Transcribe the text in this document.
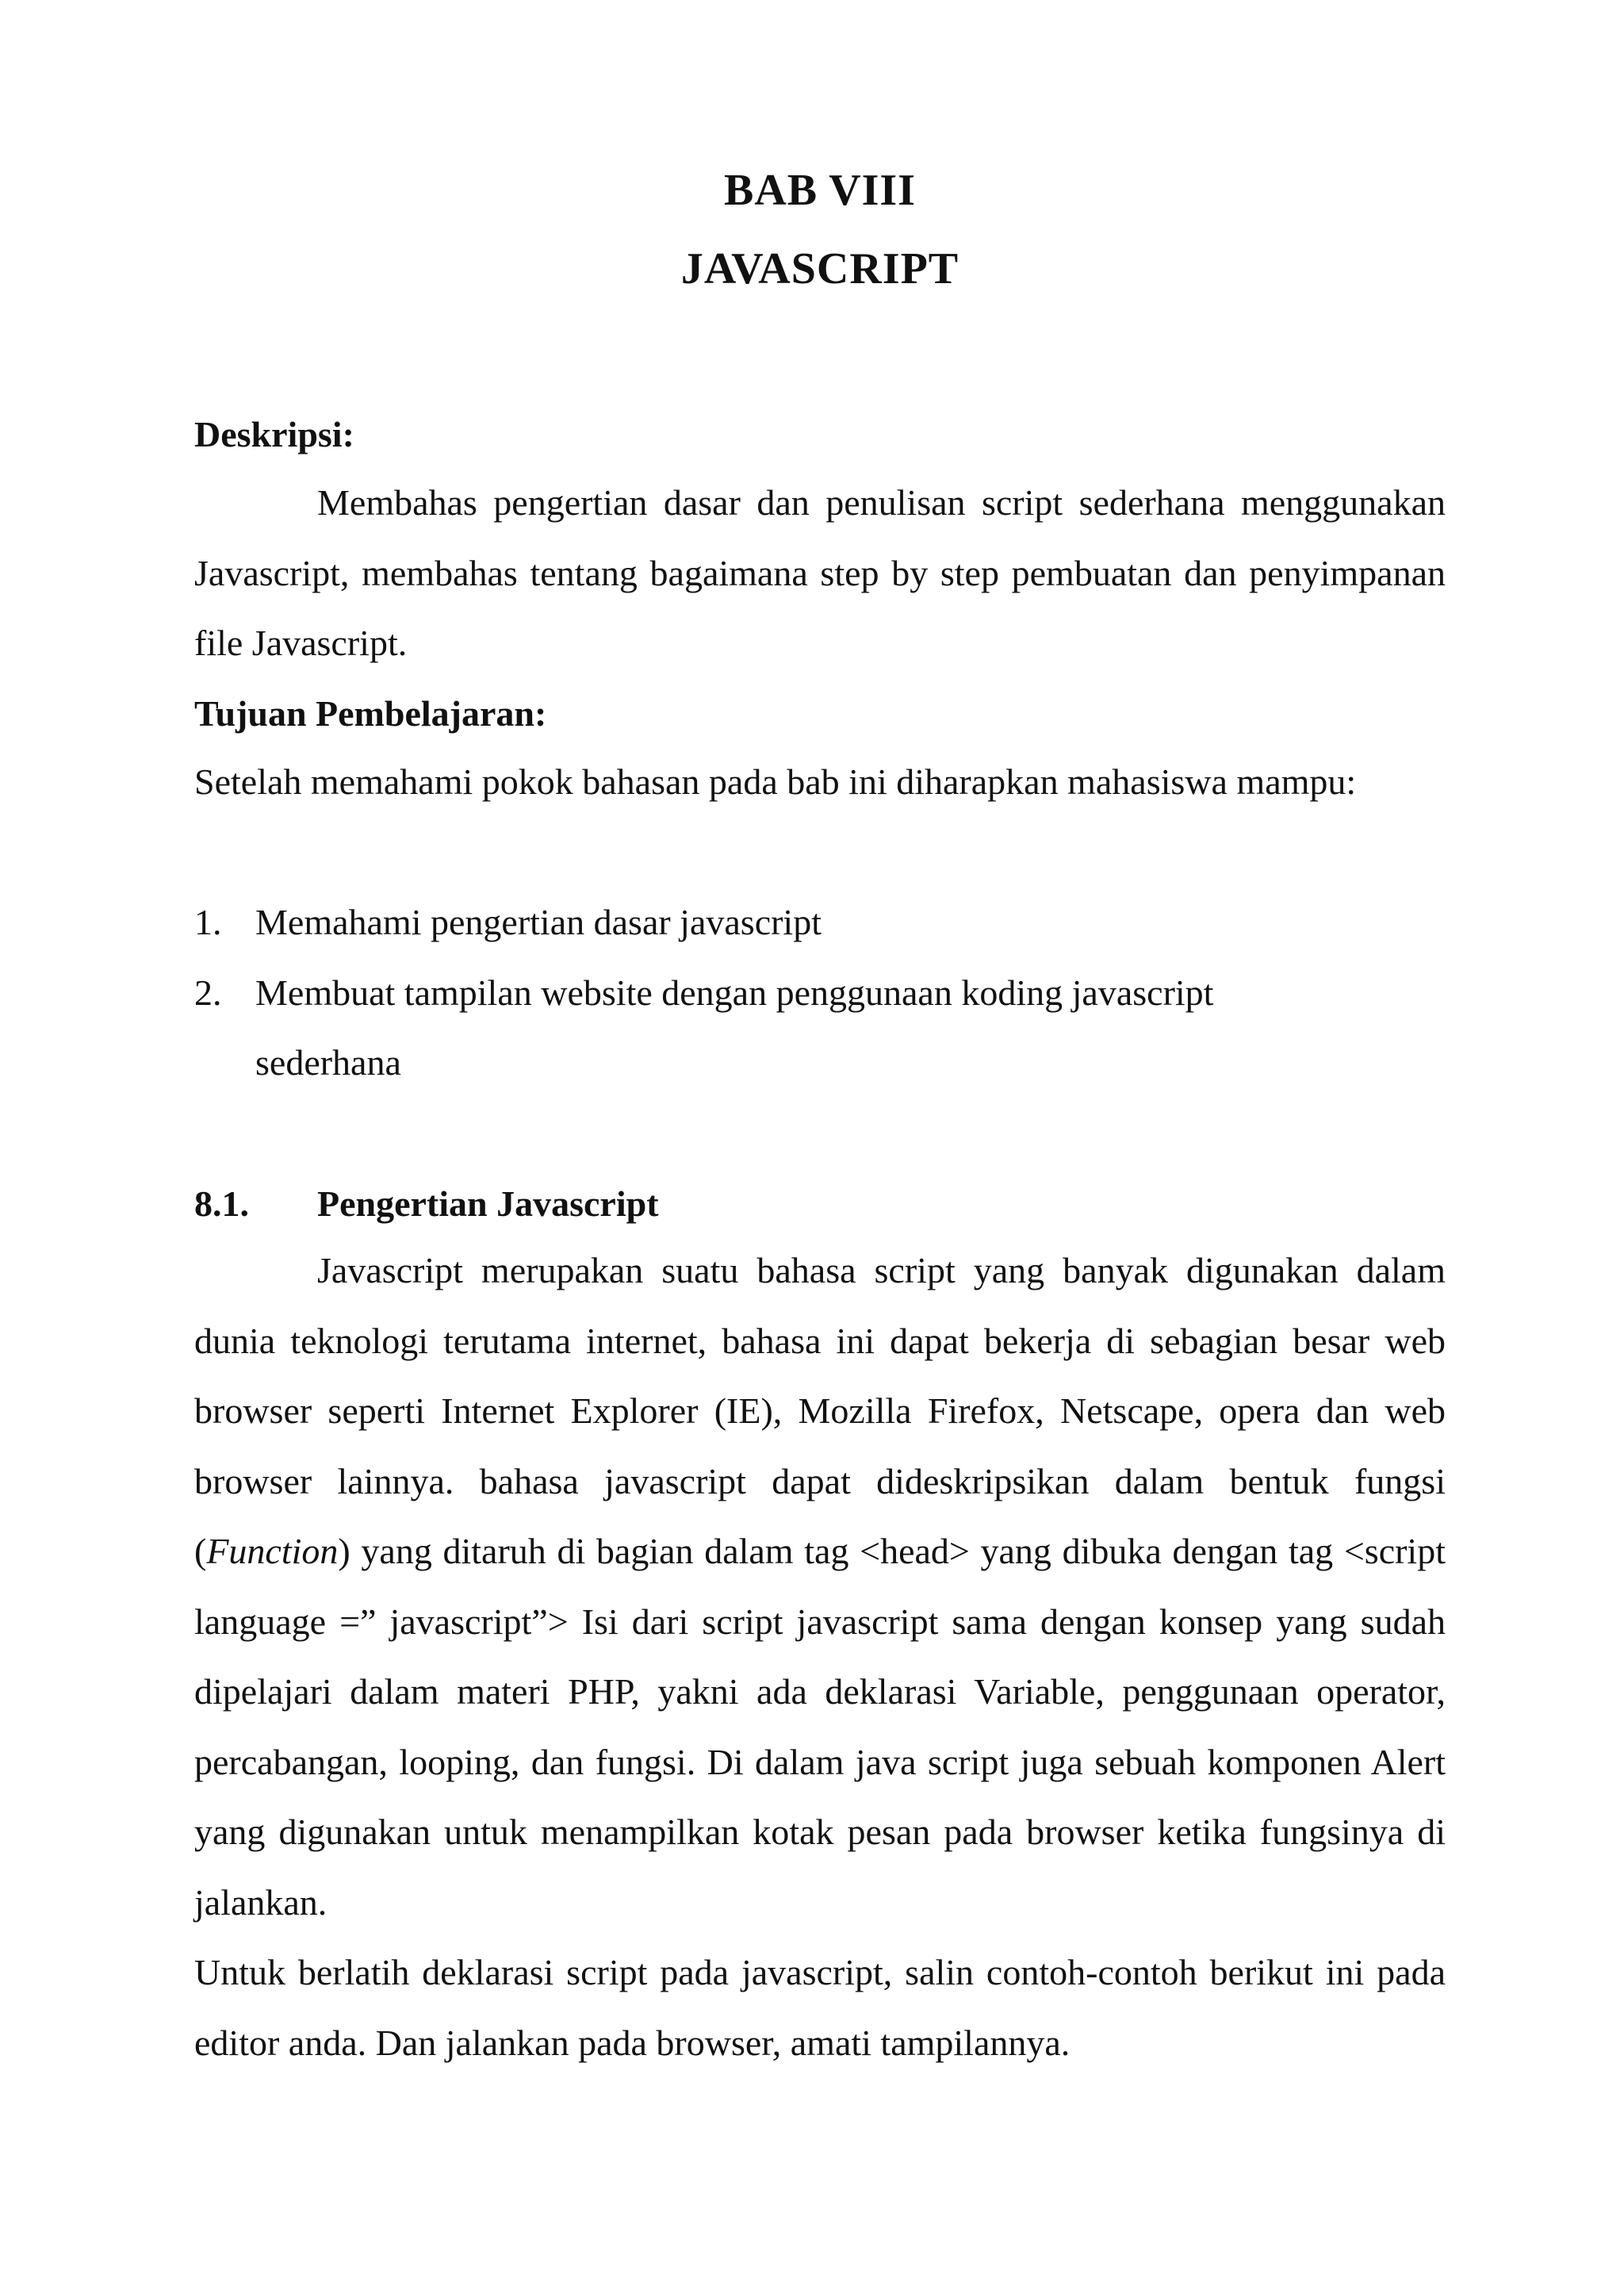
BAB VIII
JAVASCRIPT
Deskripsi:
Membahas pengertian dasar dan penulisan script sederhana menggunakan Javascript, membahas tentang bagaimana step by step pembuatan dan penyimpanan file Javascript.
Tujuan Pembelajaran:
Setelah memahami pokok bahasan pada bab ini diharapkan mahasiswa mampu:
1. Memahami pengertian dasar javascript
2. Membuat tampilan website dengan penggunaan koding javascript sederhana
8.1. Pengertian Javascript
Javascript merupakan suatu bahasa script yang banyak digunakan dalam dunia teknologi terutama internet, bahasa ini dapat bekerja di sebagian besar web browser seperti Internet Explorer (IE), Mozilla Firefox, Netscape, opera dan web browser lainnya. bahasa javascript dapat dideskripsikan dalam bentuk fungsi (Function) yang ditaruh di bagian dalam tag <head> yang dibuka dengan tag <script language =” javascript”> Isi dari script javascript sama dengan konsep yang sudah dipelajari dalam materi PHP, yakni ada deklarasi Variable, penggunaan operator, percabangan, looping, dan fungsi. Di dalam java script juga sebuah komponen Alert yang digunakan untuk menampilkan kotak pesan pada browser ketika fungsinya di jalankan.
Untuk berlatih deklarasi script pada javascript, salin contoh-contoh berikut ini pada editor anda. Dan jalankan pada browser, amati tampilannya.
